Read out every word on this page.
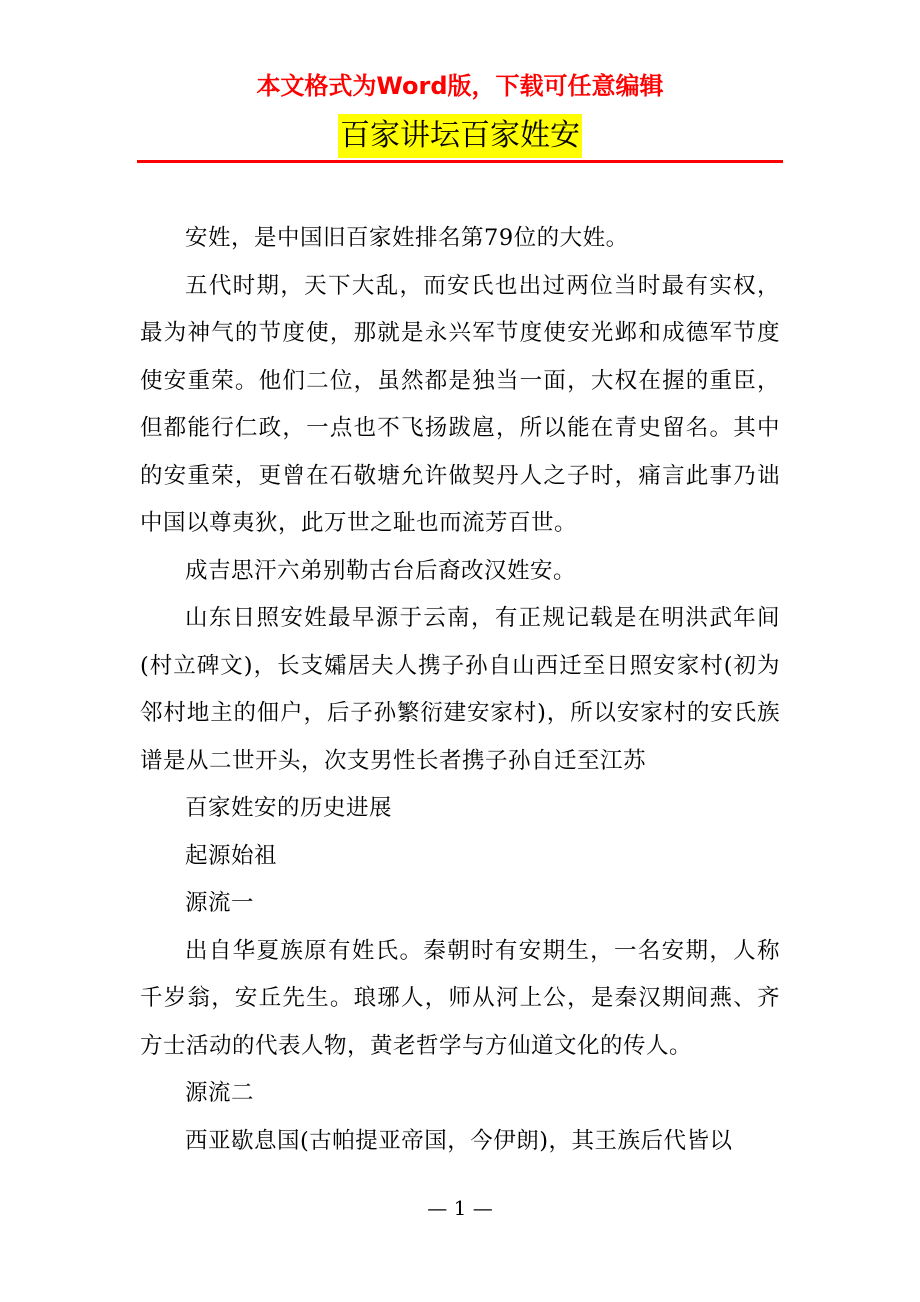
本文格式为Word版，下载可任意编辑
百家讲坛百家姓安

安姓，是中国旧百家姓排名第79位的大姓。

五代时期，天下大乱，而安氏也出过两位当时最有实权，最为神气的节度使，那就是永兴军节度使安光邺和成德军节度使安重荣。他们二位，虽然都是独当一面，大权在握的重臣，但都能行仁政，一点也不飞扬跋扈，所以能在青史留名。其中的安重荣，更曾在石敬塘允许做契丹人之子时，痛言此事乃诎中国以尊夷狄，此万世之耻也而流芳百世。

成吉思汗六弟别勒古台后裔改汉姓安。

山东日照安姓最早源于云南，有正规记载是在明洪武年间(村立碑文)，长支孀居夫人携子孙自山西迁至日照安家村(初为邻村地主的佃户，后子孙繁衍建安家村)，所以安家村的安氏族谱是从二世开头，次支男性长者携子孙自迁至江苏

百家姓安的历史进展

起源始祖

源流一

出自华夏族原有姓氏。秦朝时有安期生，一名安期，人称千岁翁，安丘先生。琅琊人，师从河上公，是秦汉期间燕、齐方士活动的代表人物，黄老哲学与方仙道文化的传人。

源流二

西亚歇息国(古帕提亚帝国，今伊朗)，其王族后代皆以

— 1 —
